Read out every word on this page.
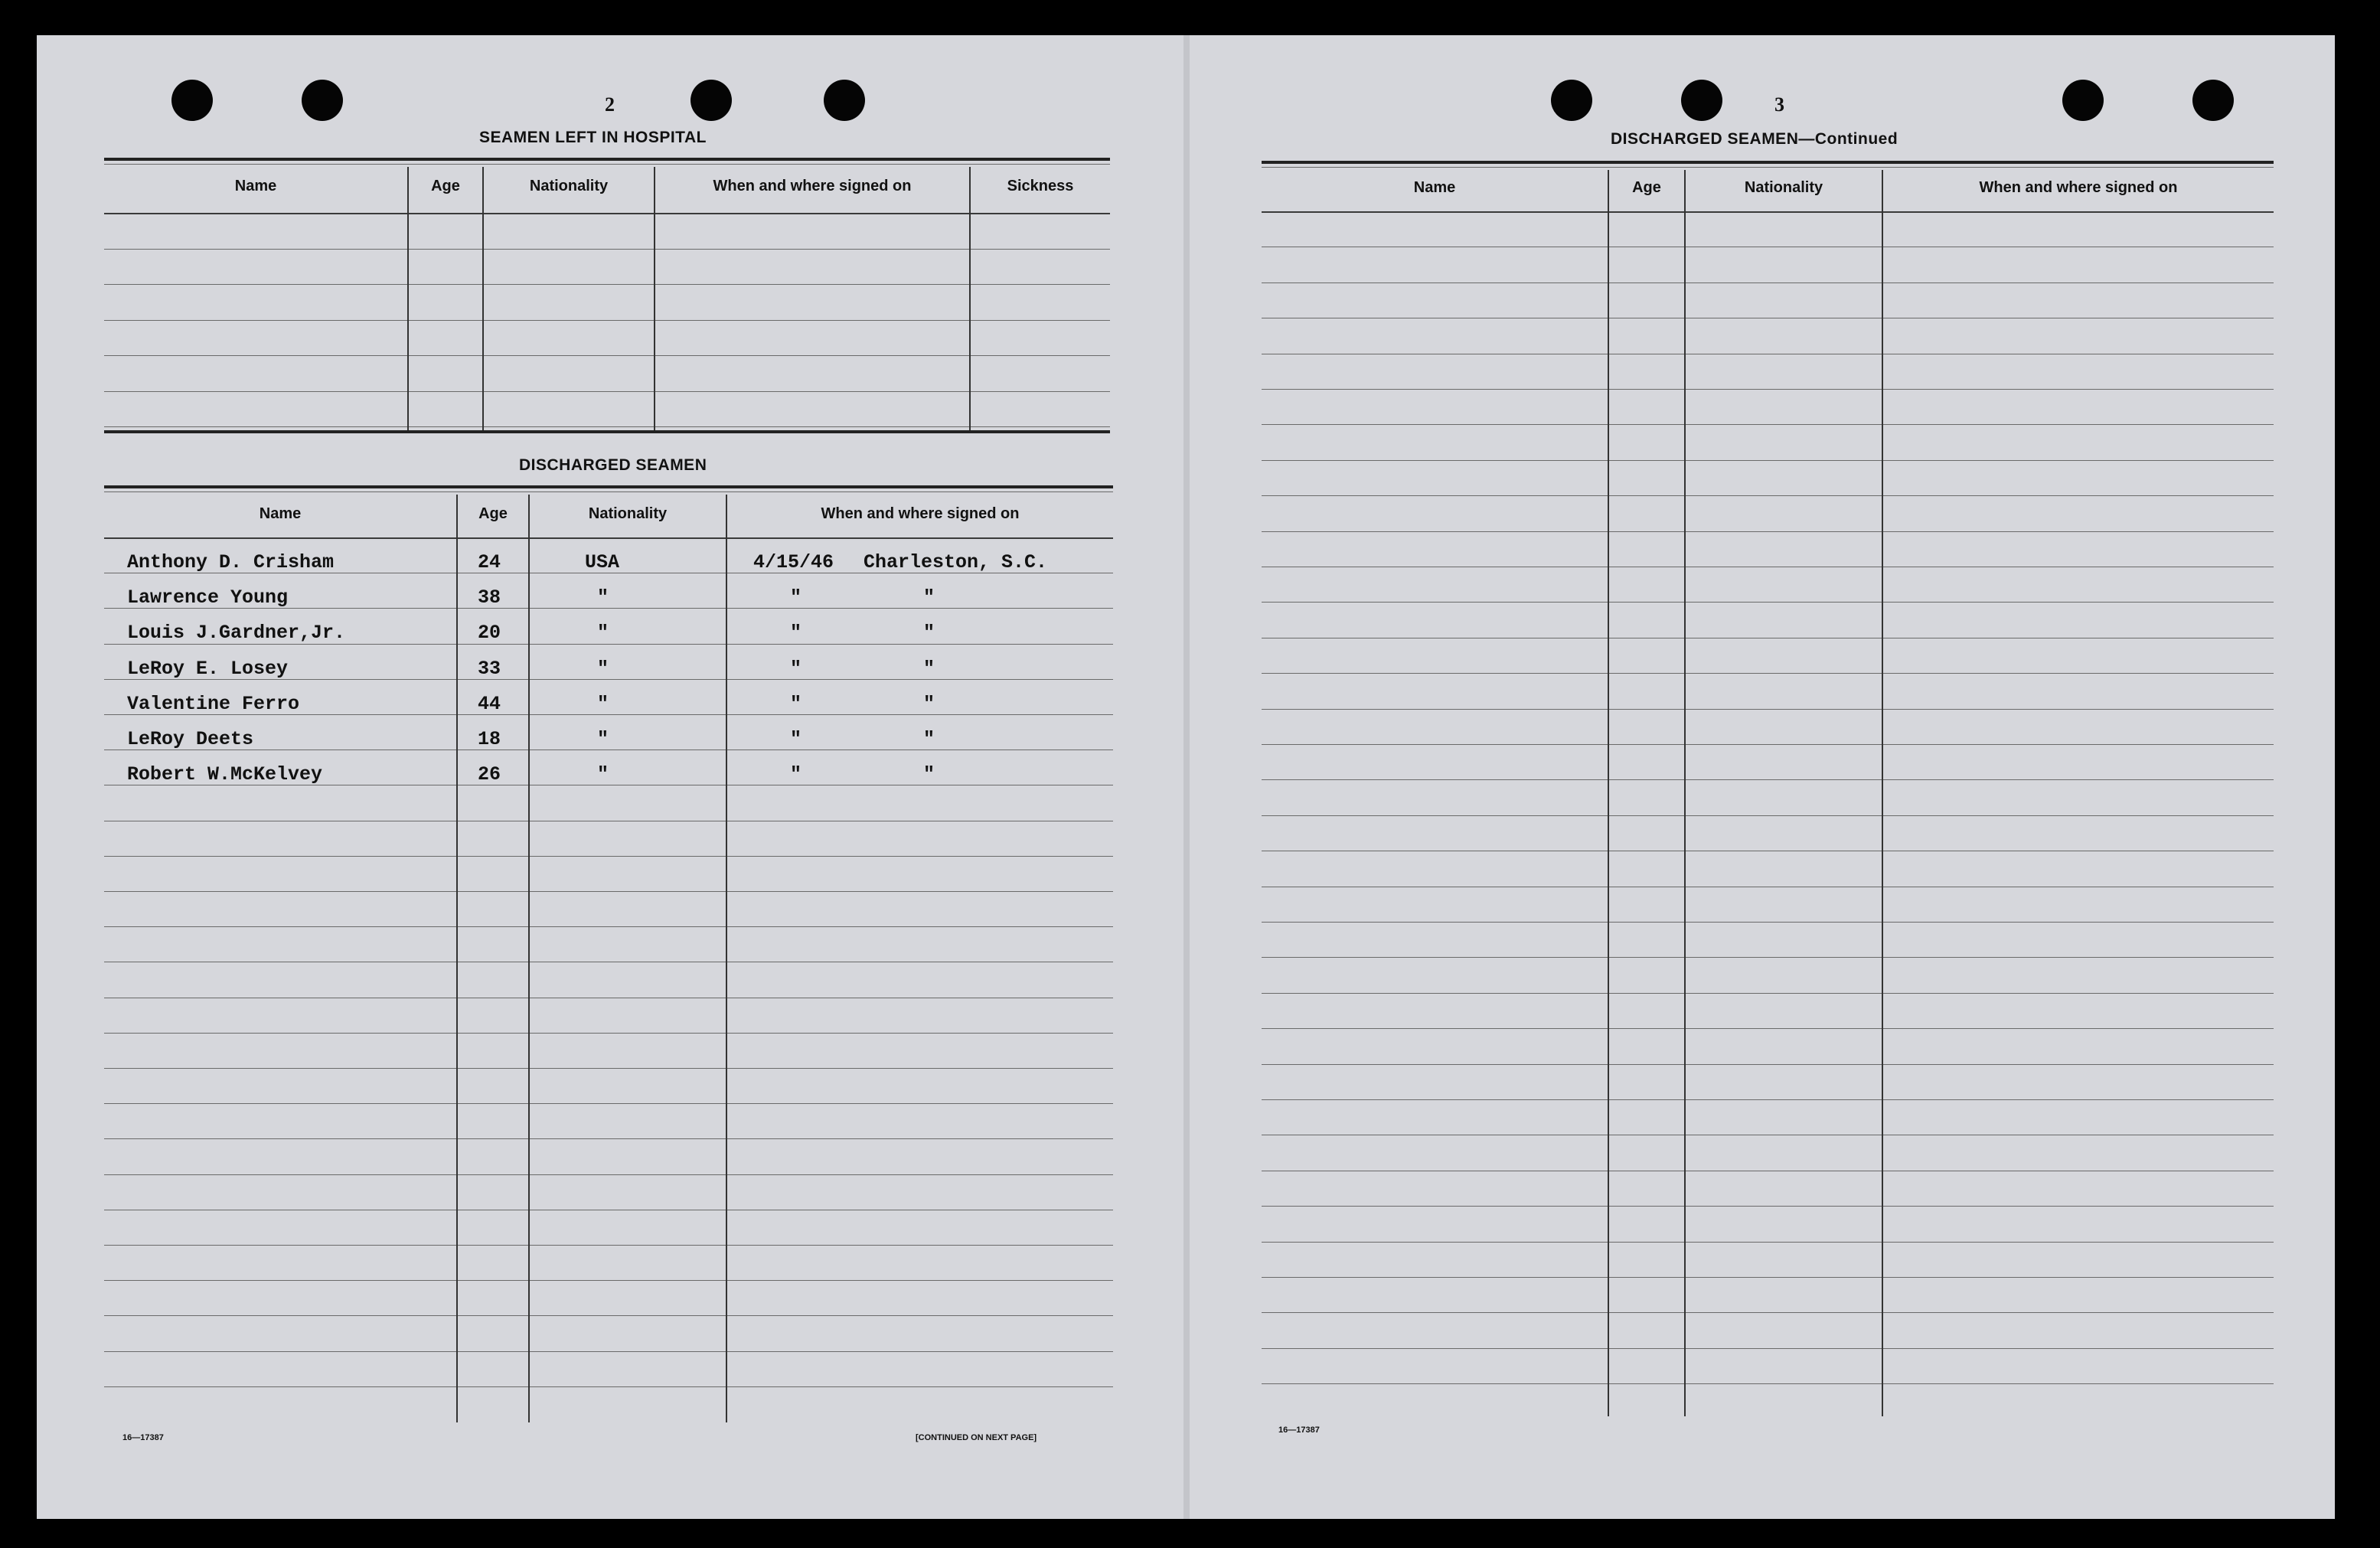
2
SEAMEN LEFT IN HOSPITAL
Name	Age	Nationality	When and where signed on	Sickness
DISCHARGED SEAMEN
Name	Age	Nationality	When and where signed on
16—17387	[CONTINUED ON NEXT PAGE]
3
DISCHARGED SEAMEN—Continued
Name	Age	Nationality	When and where signed on
16—17387
Anthony D. Crisham	24	USA	4/15/46 Charleston, S.C.
Lawrence Young	38	"	"	"
Louis J.Gardner,Jr.	20	"	"	"
LeRoy E. Losey	33	"	"	"
Valentine Ferro	44	"	"	"
LeRoy Deets	18	"	"	"
Robert W.McKelvey	26	"	"	"
